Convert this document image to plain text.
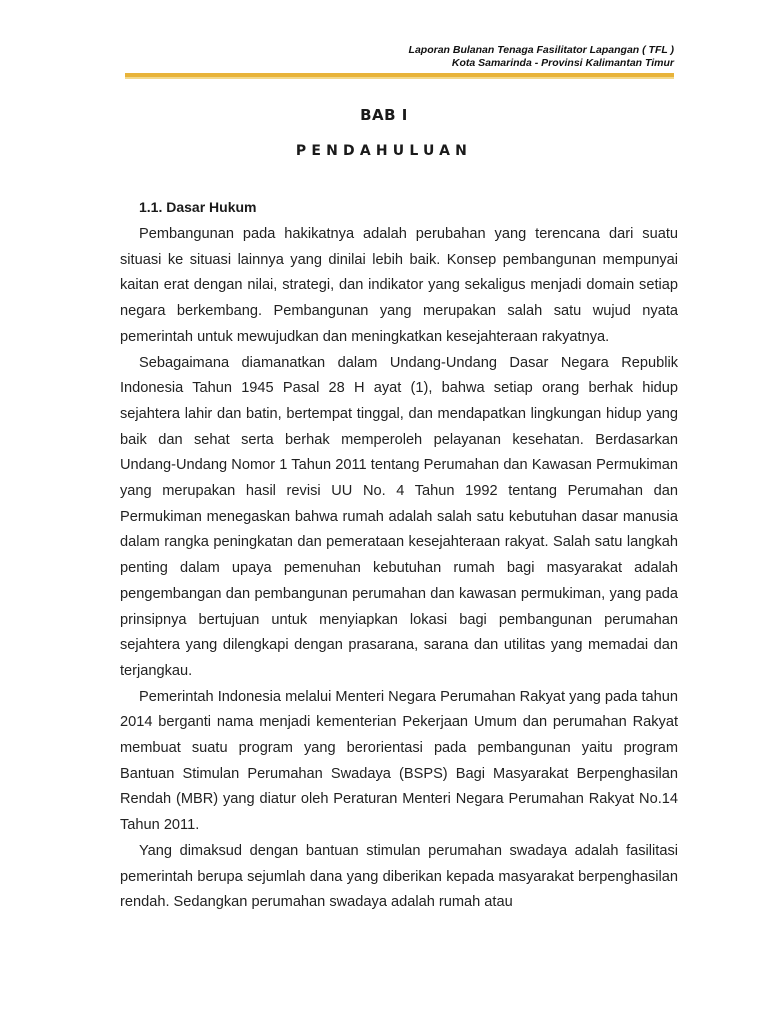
Laporan Bulanan Tenaga Fasilitator Lapangan ( TFL )
Kota Samarinda - Provinsi Kalimantan Timur
BAB I
PENDAHULUAN
1.1. Dasar Hukum

Pembangunan pada hakikatnya adalah perubahan yang terencana dari suatu situasi ke situasi lainnya yang dinilai lebih baik. Konsep pembangunan mempunyai kaitan erat dengan nilai, strategi, dan indikator yang sekaligus menjadi domain setiap negara berkembang. Pembangunan yang merupakan salah satu wujud nyata pemerintah untuk mewujudkan dan meningkatkan kesejahteraan rakyatnya.

Sebagaimana diamanatkan dalam Undang-Undang Dasar Negara Republik Indonesia Tahun 1945 Pasal 28 H ayat (1), bahwa setiap orang berhak hidup sejahtera lahir dan batin, bertempat tinggal, dan mendapatkan lingkungan hidup yang baik dan sehat serta berhak memperoleh pelayanan kesehatan. Berdasarkan Undang-Undang Nomor 1 Tahun 2011 tentang Perumahan dan Kawasan Permukiman yang merupakan hasil revisi UU No. 4 Tahun 1992 tentang Perumahan dan Permukiman menegaskan bahwa rumah adalah salah satu kebutuhan dasar manusia dalam rangka peningkatan dan pemerataan kesejahteraan rakyat. Salah satu langkah penting dalam upaya pemenuhan kebutuhan rumah bagi masyarakat adalah pengembangan dan pembangunan perumahan dan kawasan permukiman, yang pada prinsipnya bertujuan untuk menyiapkan lokasi bagi pembangunan perumahan sejahtera yang dilengkapi dengan prasarana, sarana dan utilitas yang memadai dan terjangkau.

Pemerintah Indonesia melalui Menteri Negara Perumahan Rakyat yang pada tahun 2014 berganti nama menjadi kementerian Pekerjaan Umum dan perumahan Rakyat membuat suatu program yang berorientasi pada pembangunan yaitu program Bantuan Stimulan Perumahan Swadaya (BSPS) Bagi Masyarakat Berpenghasilan Rendah (MBR) yang diatur oleh Peraturan Menteri Negara Perumahan Rakyat No.14 Tahun 2011.

Yang dimaksud dengan bantuan stimulan perumahan swadaya adalah fasilitasi pemerintah berupa sejumlah dana yang diberikan kepada masyarakat berpenghasilan rendah. Sedangkan perumahan swadaya adalah rumah atau
